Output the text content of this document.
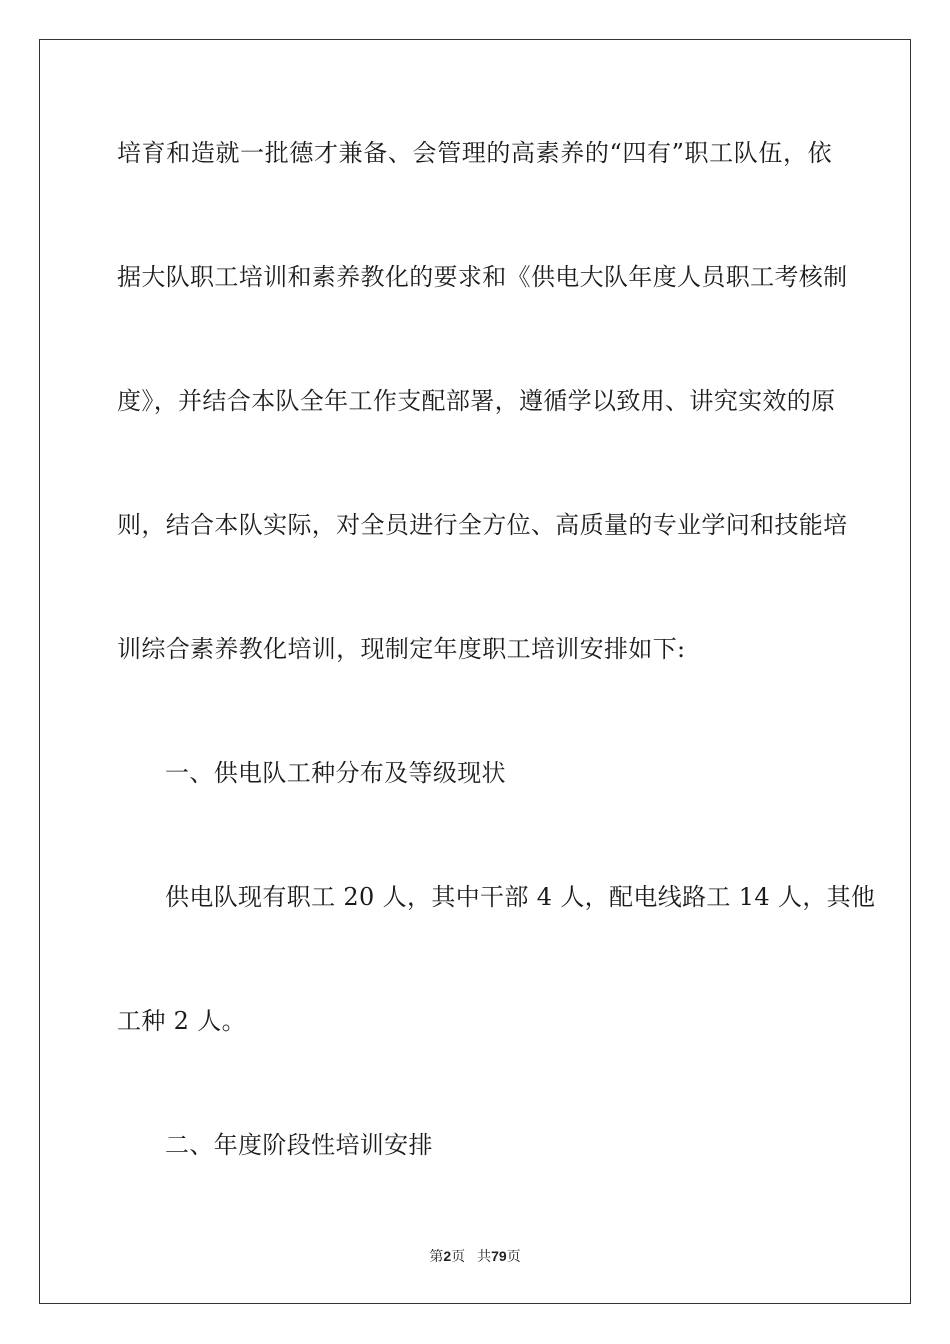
培育和造就一批德才兼备、会管理的高素养的“四有”职工队伍，依
据大队职工培训和素养教化的要求和《供电大队年度人员职工考核制
度》，并结合本队全年工作支配部署，遵循学以致用、讲究实效的原
则，结合本队实际，对全员进行全方位、高质量的专业学问和技能培
训综合素养教化培训，现制定年度职工培训安排如下:
一、供电队工种分布及等级现状
供电队现有职工 20 人，其中干部 4 人，配电线路工 14 人，其他
工种 2 人。
二、年度阶段性培训安排
第2页 共79页
